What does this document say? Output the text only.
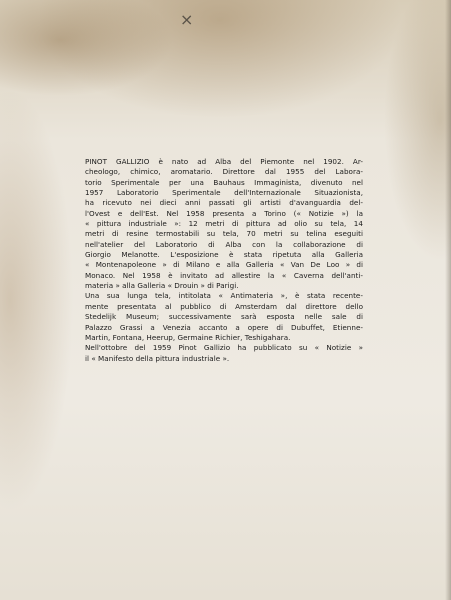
×
PINOT GALLIZIO è nato ad Alba del Piemonte nel 1902. Ar-
cheologo, chimico, aromatario. Direttore dal 1955 del Labora-
torio Sperimentale per una Bauhaus Immaginista, divenuto nel
1957 Laboratorio Sperimentale dell'Internazionale Situazionista,
ha ricevuto nei dieci anni passati gli artisti d'avanguardia del-
l'Ovest e dell'Est. Nel 1958 presenta a Torino (« Notizie ») la
« pittura industriale »: 12 metri di pittura ad olio su tela, 14
metri di resine termostabili su tela, 70 metri su telina eseguiti
nell'atelier del Laboratorio di Alba con la collaborazione di
Giorgio Melanotte. L'esposizione è stata ripetuta alla Galleria
« Montenapoleone » di Milano e alla Galleria « Van De Loo » di
Monaco. Nel 1958 è invitato ad allestire la « Caverna dell'anti-
materia » alla Galleria « Drouin » di Parigi.
Una sua lunga tela, intitolata « Antimateria », è stata recente-
mente presentata al pubblico di Amsterdam dal direttore dello
Stedelijk Museum; successivamente sarà esposta nelle sale di
Palazzo Grassi a Venezia accanto a opere di Dubuffet, Etienne-
Martin, Fontana, Heerup, Germaine Richier, Teshigahara.
Nell'ottobre del 1959 Pinot Gallizio ha pubblicato su « Notizie »
il « Manifesto della pittura industriale ».
